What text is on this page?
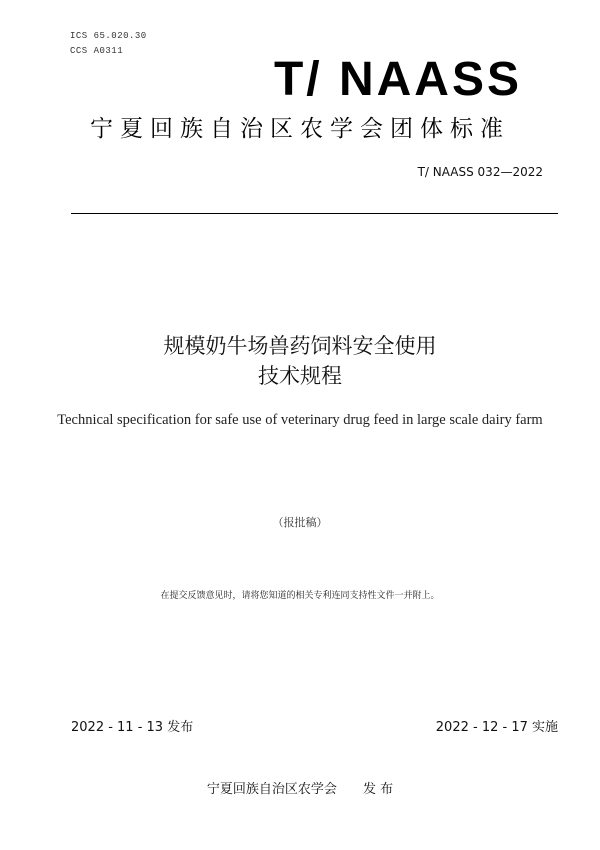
ICS 65.020.30
CCS A0311
T/ NAASS
宁夏回族自治区农学会团体标准
T/ NAASS 032—2022
规模奶牛场兽药饲料安全使用
技术规程
Technical specification for safe use of veterinary drug feed in large scale dairy farm
（报批稿）
在提交反馈意见时，请将您知道的相关专利连同支持性文件一并附上。
2022 - 11 - 13 发布	2022 - 12 - 17 实施
宁夏回族自治区农学会 发 布
